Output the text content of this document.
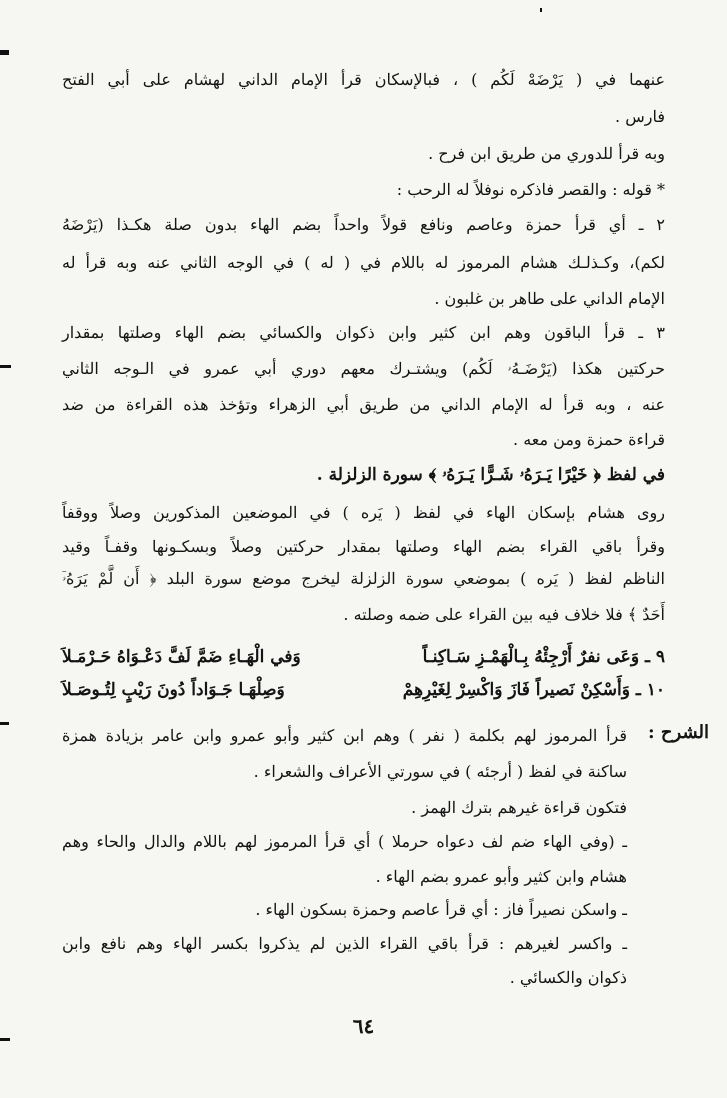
عنهما في ( يَرْضَهْ لَكُم ) ، فبالإسكان قرأ الإمام الداني لهشام على أبي الفتح
فارس .
وبه قرأ للدوري من طريق ابن فرح .
* قوله : والقصر فاذكره نوفلاً له الرحب :
٢ ـ أي قرأ حمزة وعاصم ونافع قولاً واحداً بضم الهاء بدون صلة هكـذا (يَرْضَهُ
لكم)، وكـذلـك هشام المرموز له باللام في ( له ) في الوجه الثاني عنه وبه قرأ له
الإمام الداني على طاهر بن غلبون .
٣ ـ قرأ الباقون وهم ابن كثير وابن ذكوان والكسائي بضم الهاء وصلتها بمقدار
حركتين هكذا (يَرْضَـهُۥ لَكُم) ويشتـرك معهم دوري أبي عمرو في الـوجه الثاني
عنه ، وبه قرأ له الإمام الداني من طريق أبي الزهراء وتؤخذ هذه القراءة من ضد
قراءة حمزة ومن معه .
في لفظ ﴿ خَيْرًا يَـرَهُۥ شَـرًّا يَـرَهُۥ ﴾ سورة الزلزلة .
روى هشام بإسكان الهاء في لفظ ( يَره ) في الموضعين المذكورين وصلاً ووقفاً
وقرأ باقي القراء بضم الهاء وصلتها بمقدار حركتين وصلاً وبسكـونها وقفـاً وقيد
الناظم لفظ ( يَره ) بموضعي سورة الزلزلة ليخرج موضع سورة البلد ﴿ أَن لَّمْ يَرَهُۥٓ
أَحَدٌ ﴾ فلا خلاف فيه بين القراء على ضمه وصلته .
٩ ـ وَعَى نفرٌ أَرْجِئْهُ بِـالْهَمْـزِ سَـاكِنـاً
وَفي الْهَـاءِ ضَمَّ لَفَّ دَعْـوَاهُ حَـرْمَـلاَ
١٠ ـ وَأَسْكِنْ نَصيراً فَازَ وَاكْسِرْ لِغَيْرِهِمْ
وَصِلْهَـا جَـوَاداً دُونَ رَيْبٍ لِتُـوصَـلاَ
الشرح :
قرأ المرموز لهم بكلمة ( نفر ) وهم ابن كثير وأبو عمرو وابن عامر بزيادة همزة
ساكنة في لفظ ( أرجئه ) في سورتي الأعراف والشعراء .
فتكون قراءة غيرهم بترك الهمز .
ـ (وفي الهاء ضم لف دعواه حرملا ) أي قرأ المرموز لهم باللام والدال والحاء وهم
هشام وابن كثير وأبو عمرو بضم الهاء .
ـ واسكن نصيراً فاز : أي قرأ عاصم وحمزة بسكون الهاء .
ـ واكسر لغيرهم : قرأ باقي القراء الذين لم يذكروا بكسر الهاء وهم نافع وابن
ذكوان والكسائي .
٦٤
